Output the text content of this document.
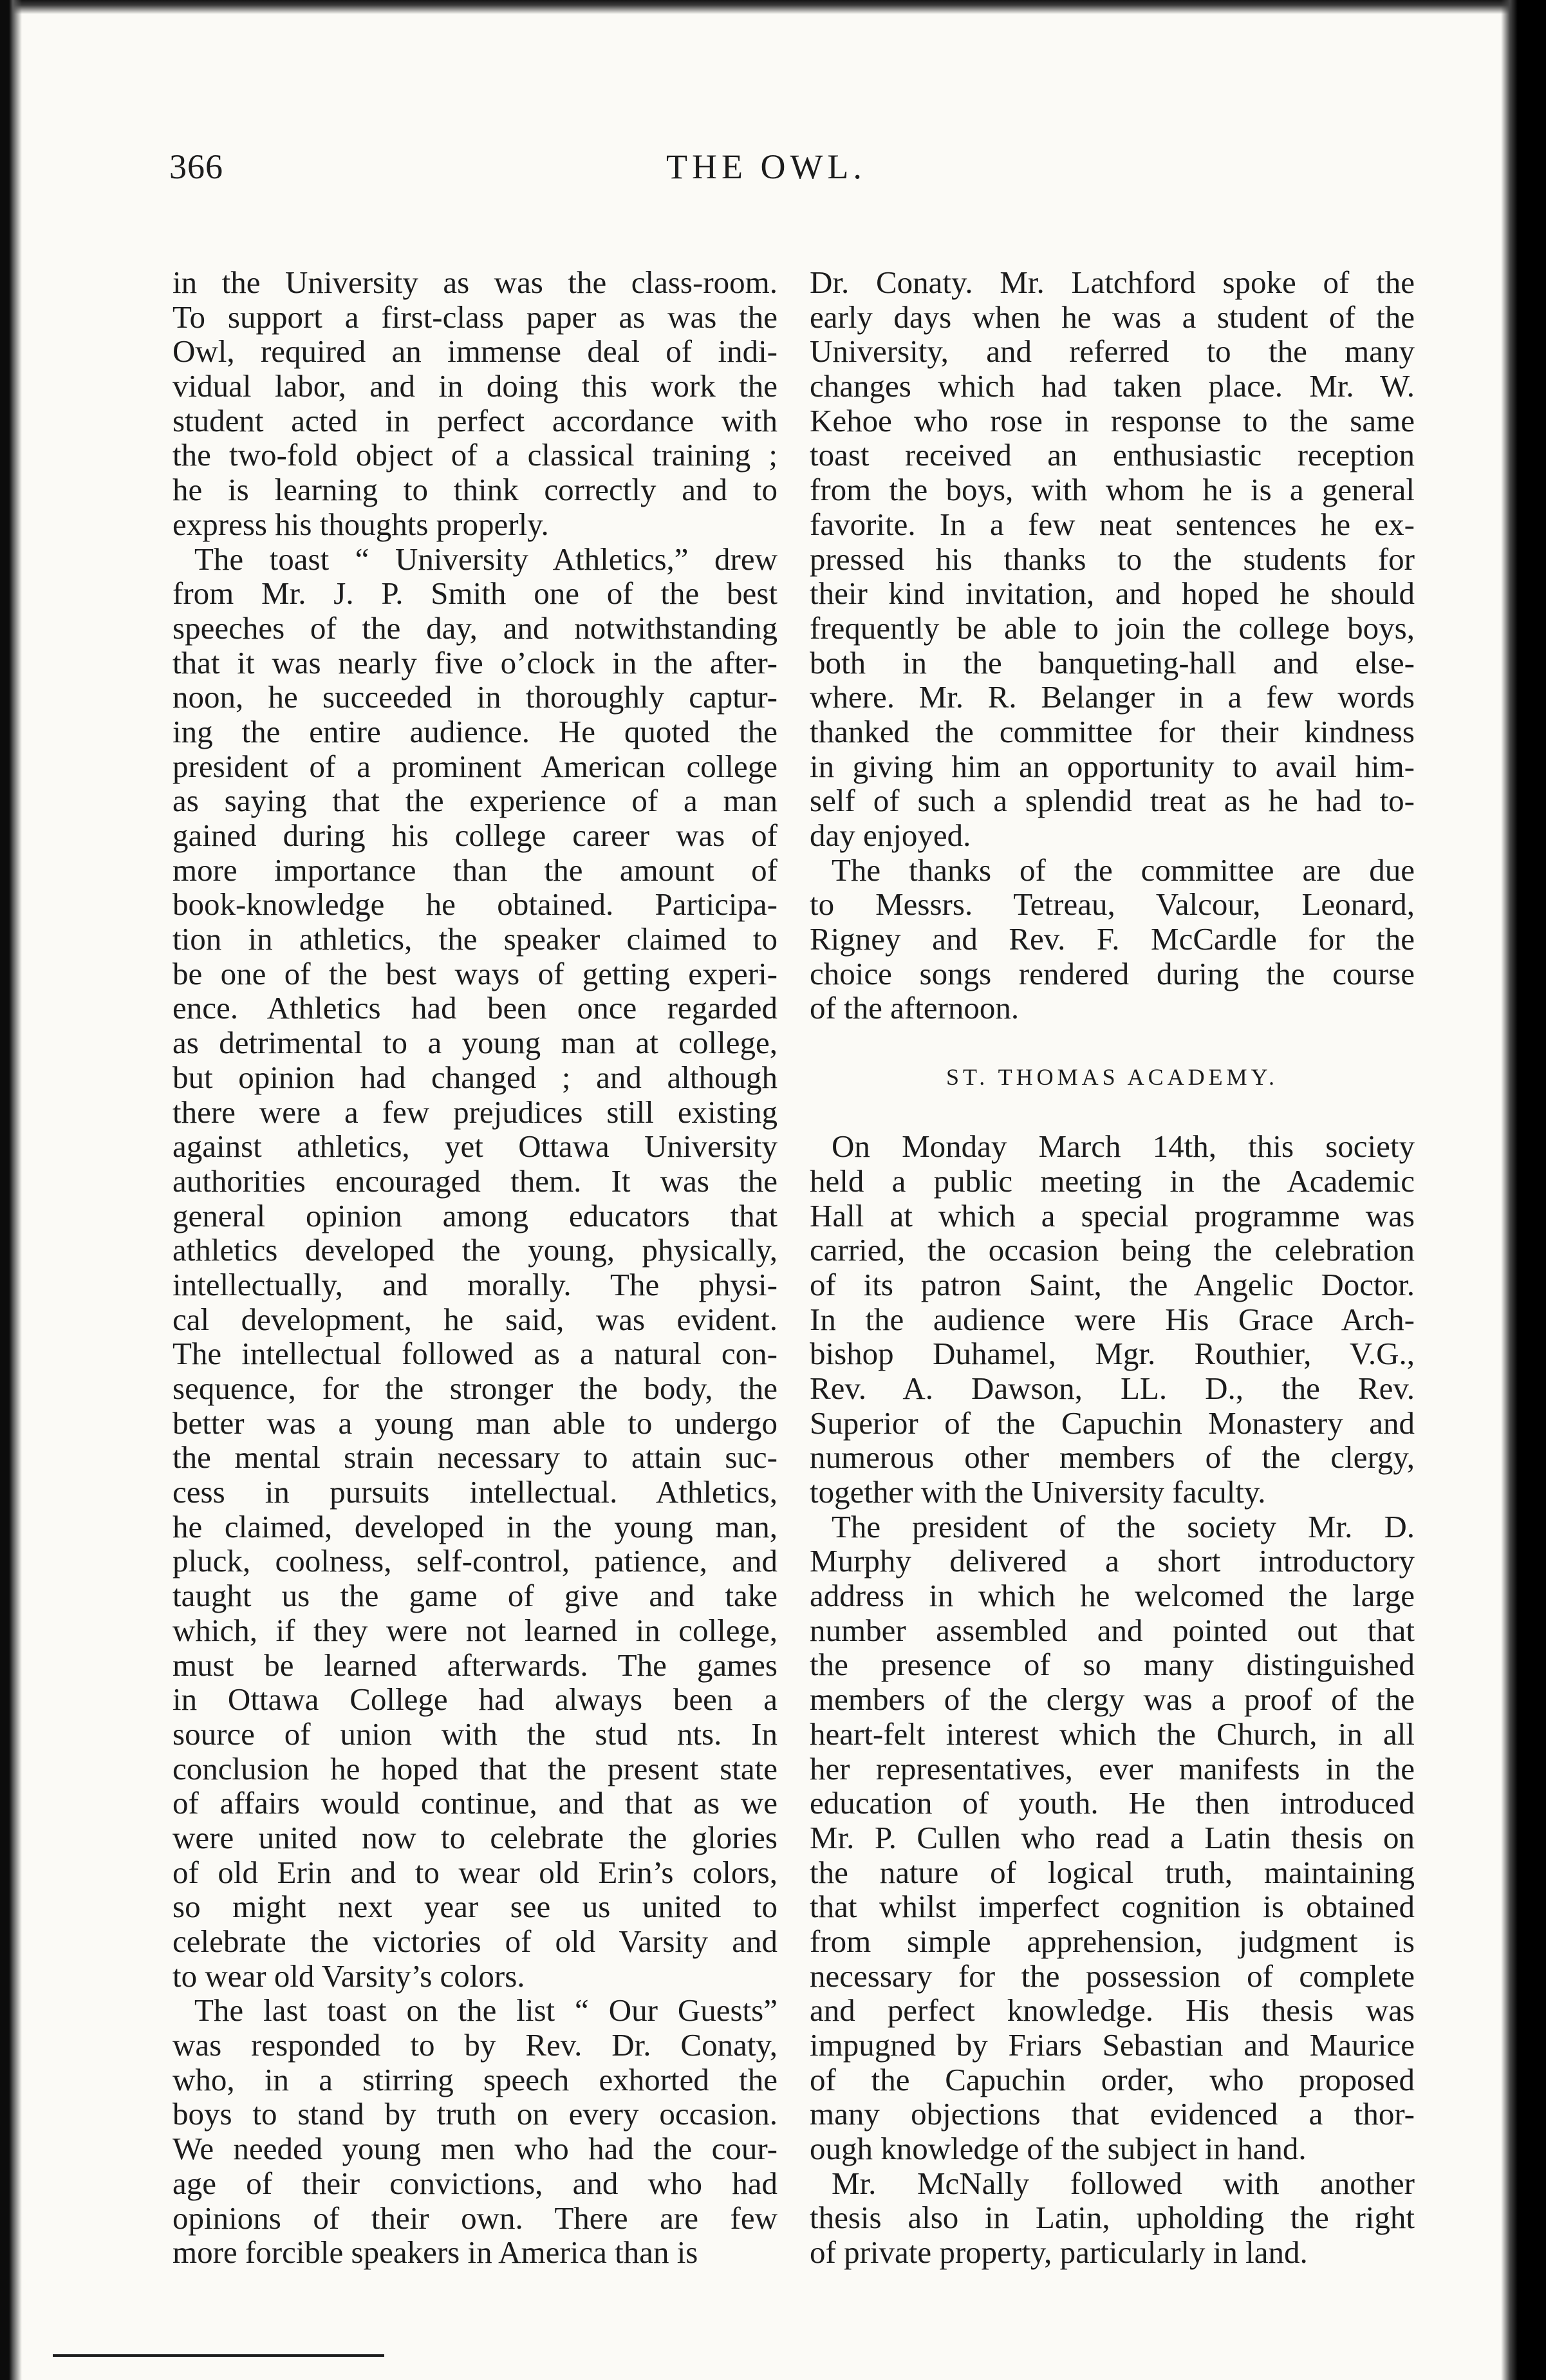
366	THE OWL.
in the University as was the class-room.
To support a first-class paper as was the
Owl, required an immense deal of indi-
vidual labor, and in doing this work the
student acted in perfect accordance with
the two-fold object of a classical training ;
he is learning to think correctly and to
express his thoughts properly.
The toast “ University Athletics,” drew
from Mr. J. P. Smith one of the best
speeches of the day, and notwithstanding
that it was nearly five o’clock in the after-
noon, he succeeded in thoroughly captur-
ing the entire audience. He quoted the
president of a prominent American college
as saying that the experience of a man
gained during his college career was of
more importance than the amount of
book-knowledge he obtained. Participa-
tion in athletics, the speaker claimed to
be one of the best ways of getting experi-
ence. Athletics had been once regarded
as detrimental to a young man at college,
but opinion had changed ; and although
there were a few prejudices still existing
against athletics, yet Ottawa University
authorities encouraged them. It was the
general opinion among educators that
athletics developed the young, physically,
intellectually, and morally. The physi-
cal development, he said, was evident.
The intellectual followed as a natural con-
sequence, for the stronger the body, the
better was a young man able to undergo
the mental strain necessary to attain suc-
cess in pursuits intellectual. Athletics,
he claimed, developed in the young man,
pluck, coolness, self-control, patience, and
taught us the game of give and take
which, if they were not learned in college,
must be learned afterwards. The games
in Ottawa College had always been a
source of union with the stud nts. In
conclusion he hoped that the present state
of affairs would continue, and that as we
were united now to celebrate the glories
of old Erin and to wear old Erin’s colors,
so might next year see us united to
celebrate the victories of old Varsity and
to wear old Varsity’s colors.
The last toast on the list “ Our Guests”
was responded to by Rev. Dr. Conaty,
who, in a stirring speech exhorted the
boys to stand by truth on every occasion.
We needed young men who had the cour-
age of their convictions, and who had
opinions of their own. There are few
more forcible speakers in America than is
Dr. Conaty. Mr. Latchford spoke of the
early days when he was a student of the
University, and referred to the many
changes which had taken place. Mr. W.
Kehoe who rose in response to the same
toast received an enthusiastic reception
from the boys, with whom he is a general
favorite. In a few neat sentences he ex-
pressed his thanks to the students for
their kind invitation, and hoped he should
frequently be able to join the college boys,
both in the banqueting-hall and else-
where. Mr. R. Belanger in a few words
thanked the committee for their kindness
in giving him an opportunity to avail him-
self of such a splendid treat as he had to-
day enjoyed.
The thanks of the committee are due
to Messrs. Tetreau, Valcour, Leonard,
Rigney and Rev. F. McCardle for the
choice songs rendered during the course
of the afternoon.
ST. THOMAS ACADEMY.
On Monday March 14th, this society
held a public meeting in the Academic
Hall at which a special programme was
carried, the occasion being the celebration
of its patron Saint, the Angelic Doctor.
In the audience were His Grace Arch-
bishop Duhamel, Mgr. Routhier, V.G.,
Rev. A. Dawson, LL. D., the Rev.
Superior of the Capuchin Monastery and
numerous other members of the clergy,
together with the University faculty.
The president of the society Mr. D.
Murphy delivered a short introductory
address in which he welcomed the large
number assembled and pointed out that
the presence of so many distinguished
members of the clergy was a proof of the
heart-felt interest which the Church, in all
her representatives, ever manifests in the
education of youth. He then introduced
Mr. P. Cullen who read a Latin thesis on
the nature of logical truth, maintaining
that whilst imperfect cognition is obtained
from simple apprehension, judgment is
necessary for the possession of complete
and perfect knowledge. His thesis was
impugned by Friars Sebastian and Maurice
of the Capuchin order, who proposed
many objections that evidenced a thor-
ough knowledge of the subject in hand.
Mr. McNally followed with another
thesis also in Latin, upholding the right
of private property, particularly in land.
